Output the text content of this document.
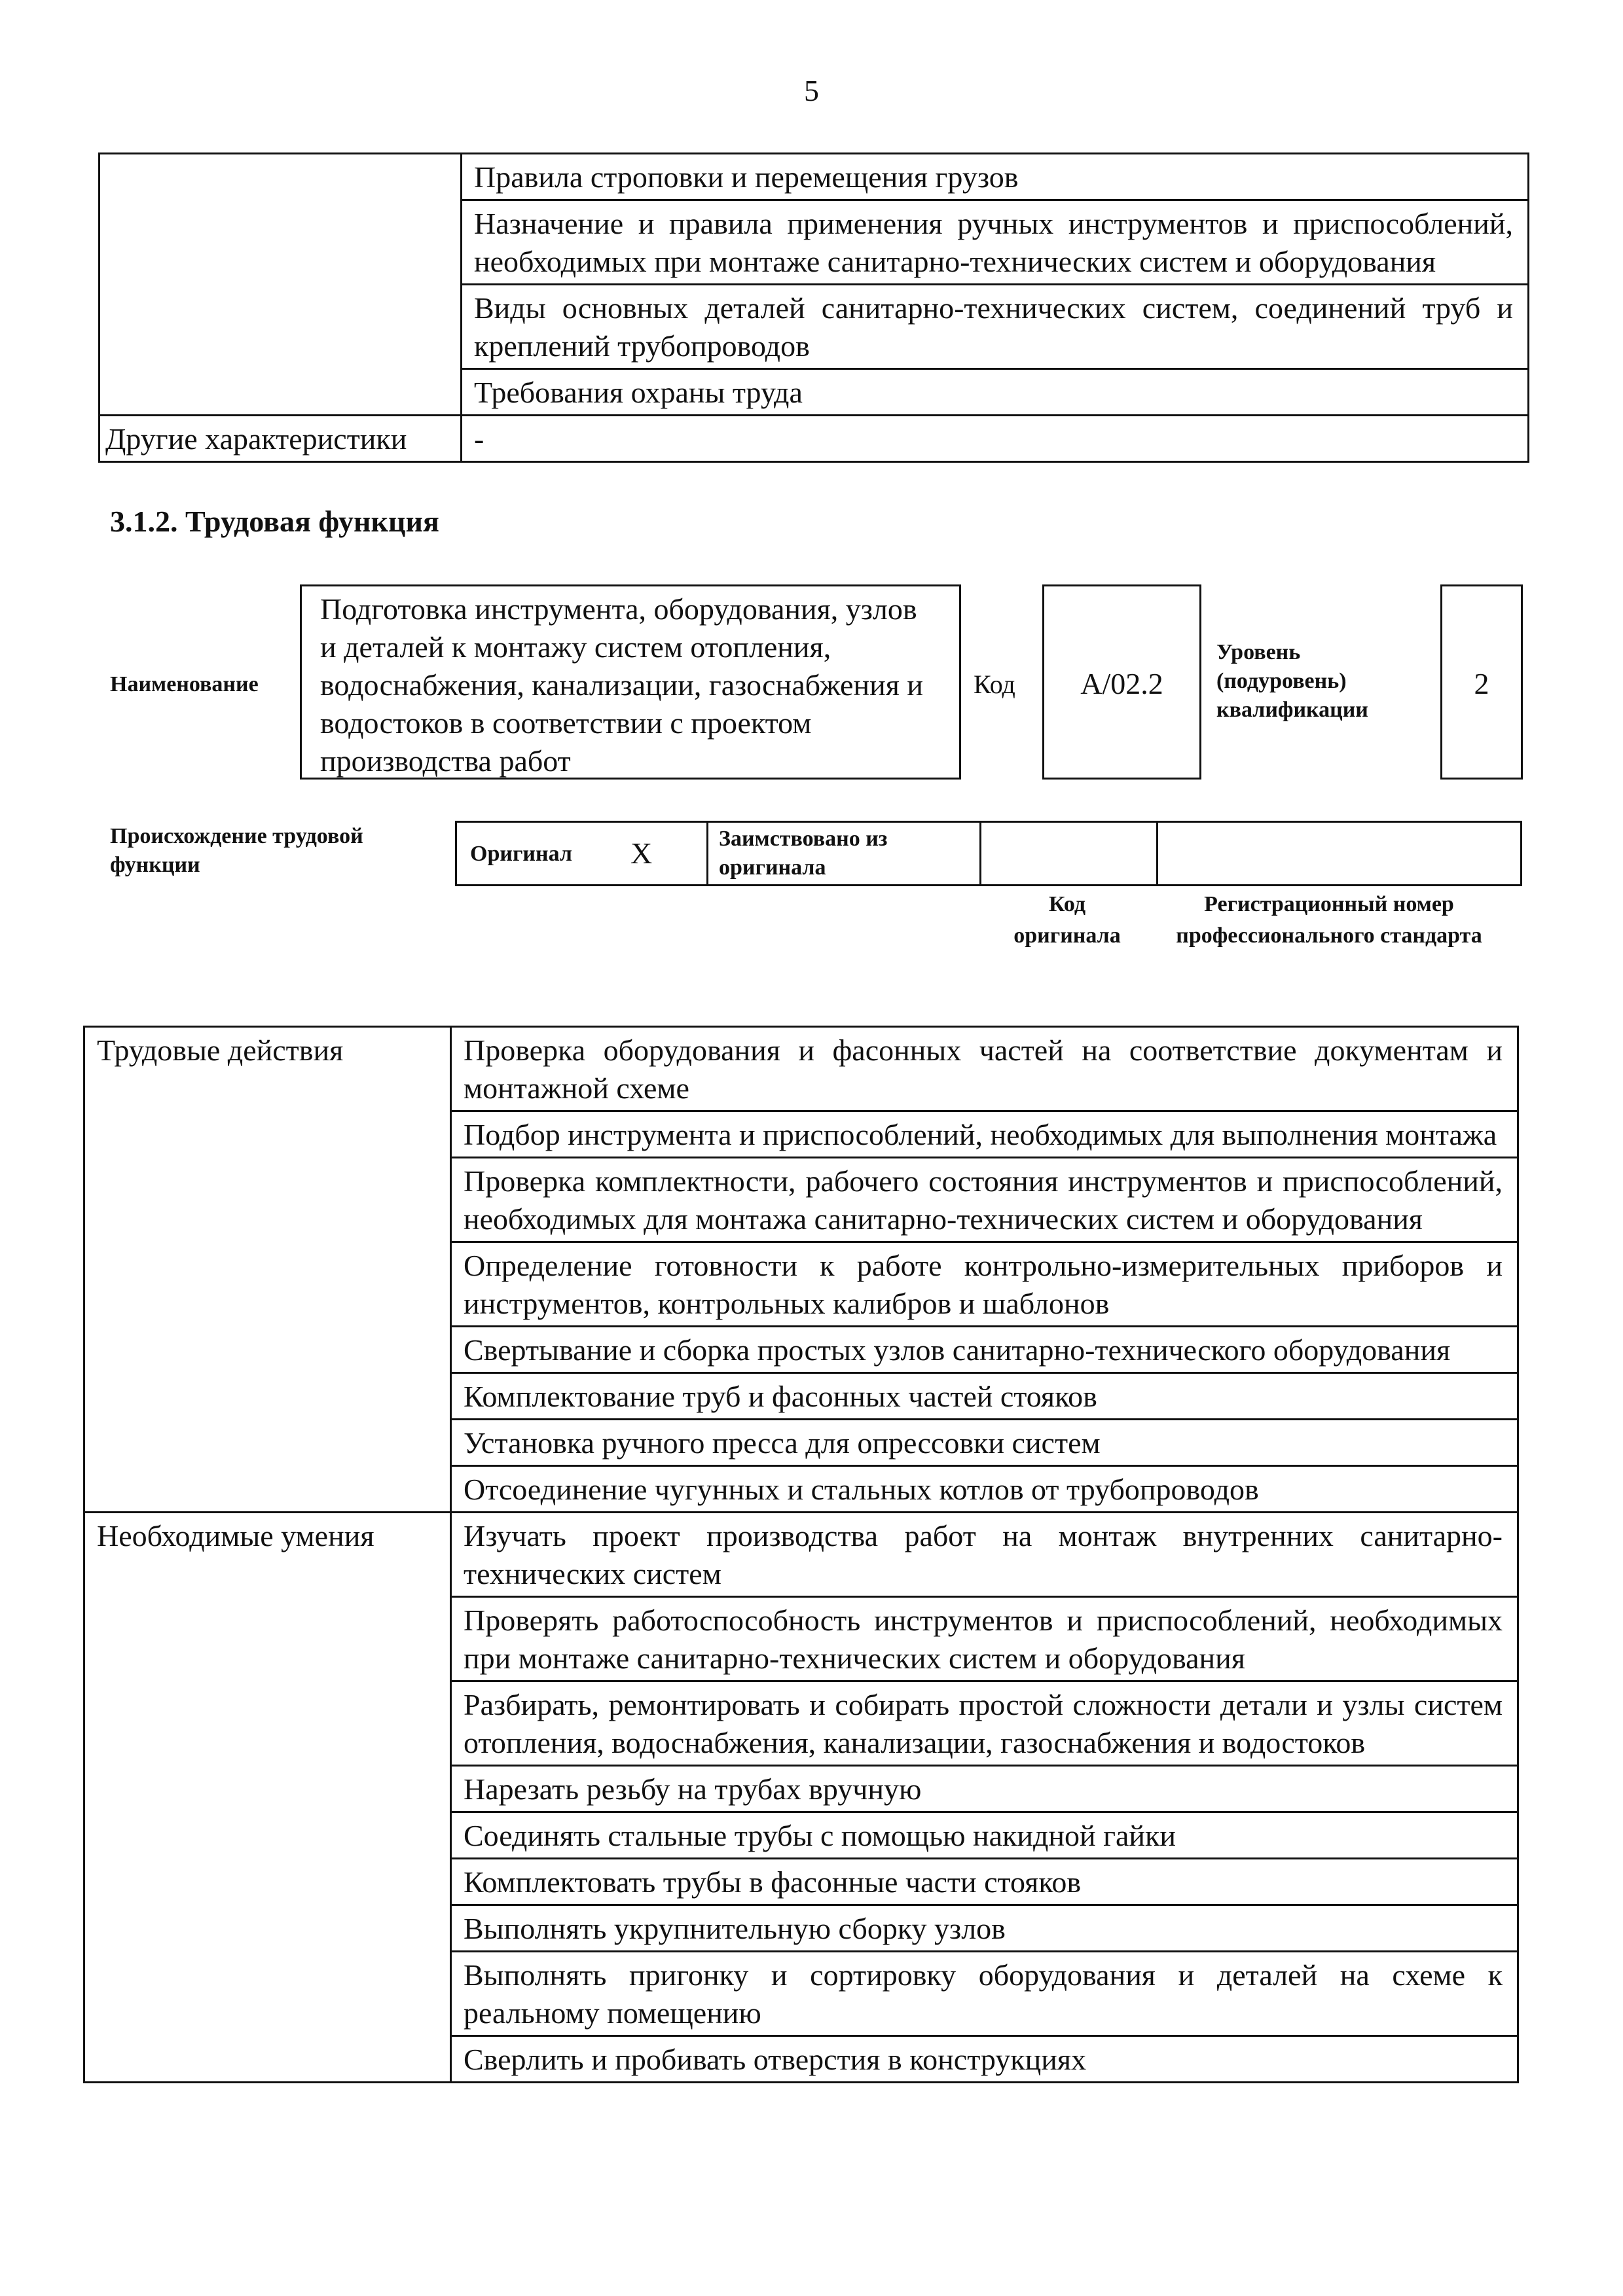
5
	Правила строповки и перемещения грузов
	Назначение и правила применения ручных инструментов и приспособлений, необходимых при монтаже санитарно-технических систем и оборудования
	Виды основных деталей санитарно-технических систем, соединений труб и креплений трубопроводов
	Требования охраны труда
Другие характеристики	-
3.1.2. Трудовая функция
Наименование
Подготовка инструмента, оборудования, узлов и деталей к монтажу систем отопления, водоснабжения, канализации, газоснабжения и водостоков в соответствии с проектом производства работ
Код	А/02.2
Уровень (подуровень) квалификации
2
Происхождение трудовой функции	Оригинал X	Заимствовано из оригинала
Код оригинала
Регистрационный номер профессионального стандарта
Трудовые действия	Проверка оборудования и фасонных частей на соответствие документам и монтажной схеме
	Подбор инструмента и приспособлений, необходимых для выполнения монтажа
	Проверка комплектности, рабочего состояния инструментов и приспособлений, необходимых для монтажа санитарно-технических систем и оборудования
	Определение готовности к работе контрольно-измерительных приборов и инструментов, контрольных калибров и шаблонов
	Свертывание и сборка простых узлов санитарно-технического оборудования
	Комплектование труб и фасонных частей стояков
	Установка ручного пресса для опрессовки систем
	Отсоединение чугунных и стальных котлов от трубопроводов
Необходимые умения	Изучать проект производства работ на монтаж внутренних санитарно-технических систем
	Проверять работоспособность инструментов и приспособлений, необходимых при монтаже санитарно-технических систем и оборудования
	Разбирать, ремонтировать и собирать простой сложности детали и узлы систем отопления, водоснабжения, канализации, газоснабжения и водостоков
	Нарезать резьбу на трубах вручную
	Соединять стальные трубы с помощью накидной гайки
	Комплектовать трубы в фасонные части стояков
	Выполнять укрупнительную сборку узлов
	Выполнять пригонку и сортировку оборудования и деталей на схеме к реальному помещению
	Сверлить и пробивать отверстия в конструкциях
